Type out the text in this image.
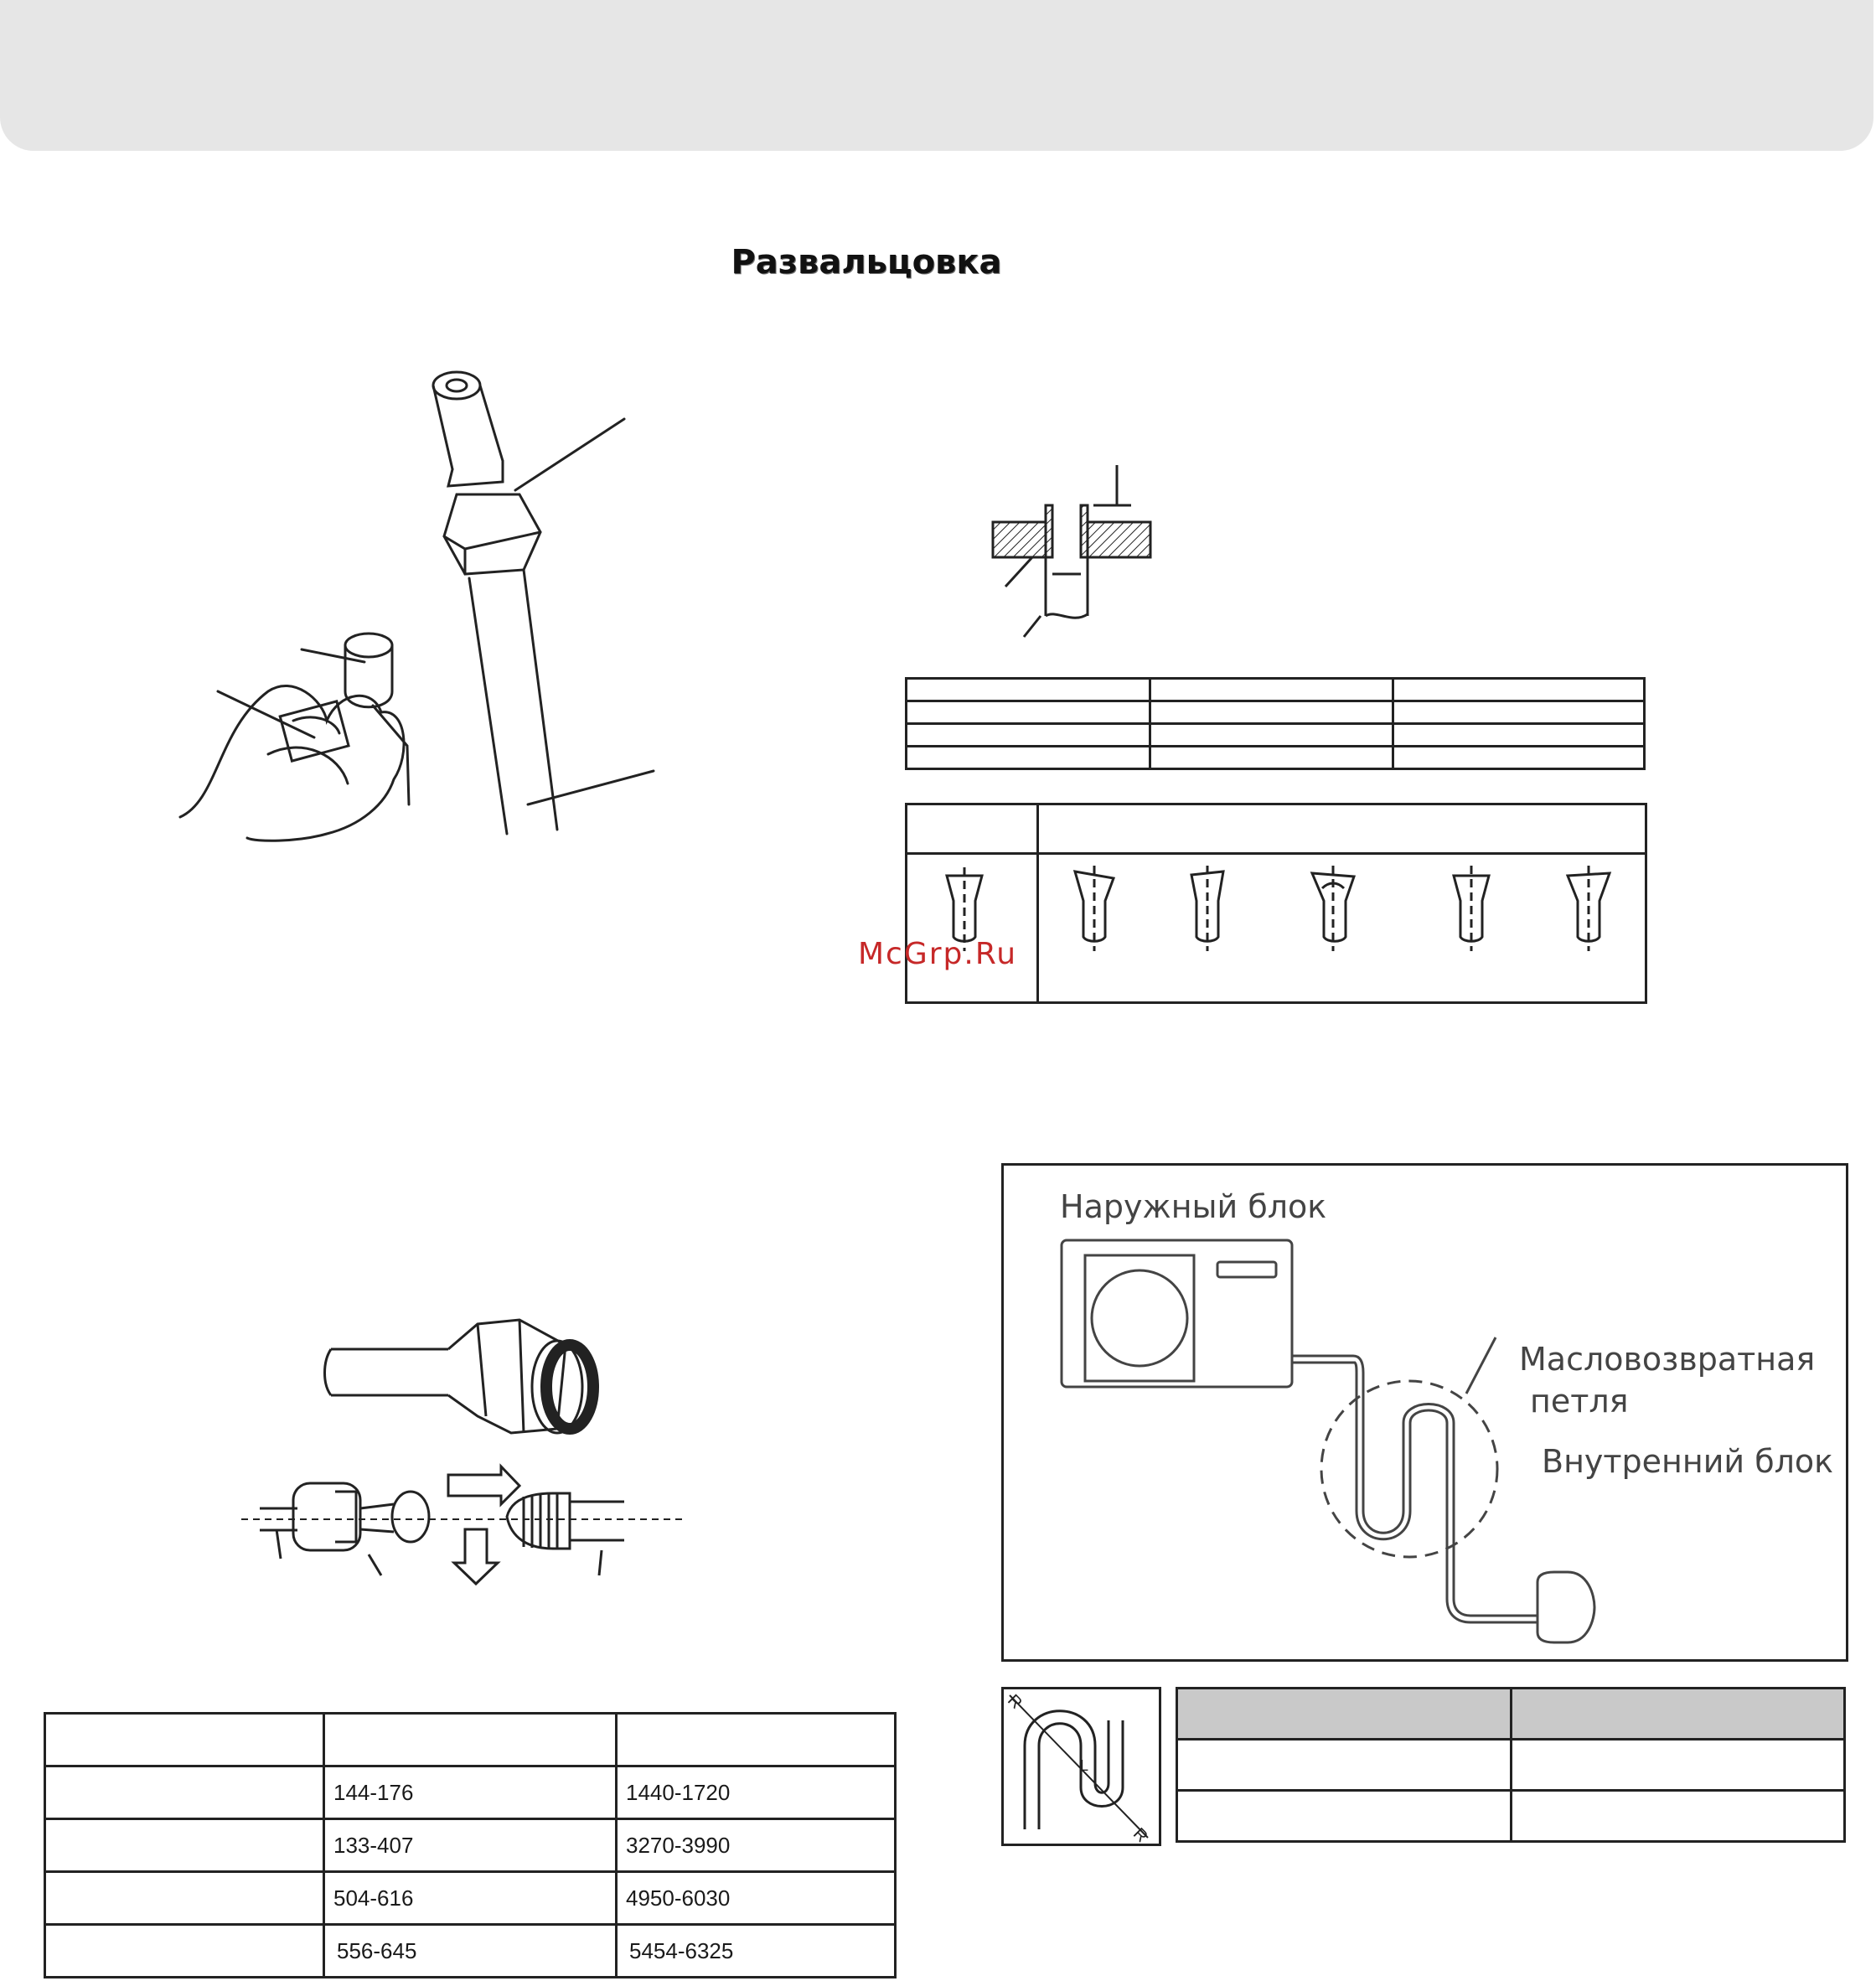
Развальцовка

McGrp.Ru

	144-176	1440-1720

	133-407	3270-3990

	504-616	4950-6030

	556-645	5454-6325
Наружный блок
Масловозвратная
петля
Внутренний блок
R
R
L
